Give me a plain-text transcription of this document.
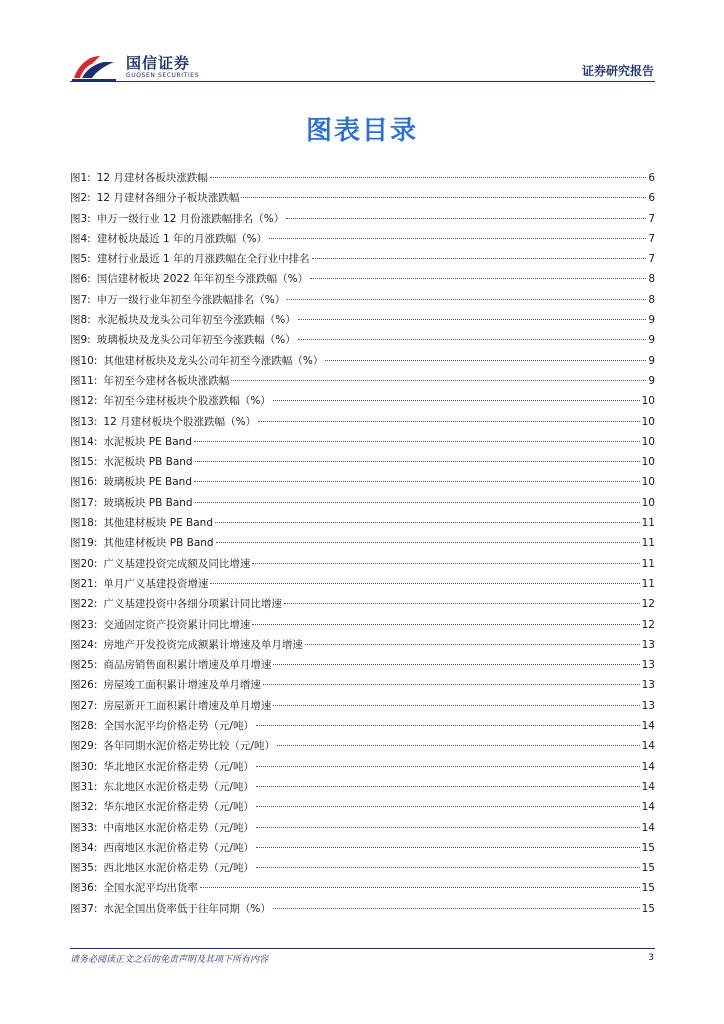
国信证券
GUOSEN SECURITIES	证券研究报告
图表目录
图1: 12 月建材各板块涨跌幅	6
图2: 12 月建材各细分子板块涨跌幅	6
图3: 申万一级行业 12 月份涨跌幅排名（%）	7
图4: 建材板块最近 1 年的月涨跌幅（%）	7
图5: 建材行业最近 1 年的月涨跌幅在全行业中排名	7
图6: 国信建材板块 2022 年年初至今涨跌幅（%）	8
图7: 申万一级行业年初至今涨跌幅排名（%）	8
图8: 水泥板块及龙头公司年初至今涨跌幅（%）	9
图9: 玻璃板块及龙头公司年初至今涨跌幅（%）	9
图10: 其他建材板块及龙头公司年初至今涨跌幅（%）	9
图11: 年初至今建材各板块涨跌幅	9
图12: 年初至今建材板块个股涨跌幅（%）	10
图13: 12 月建材板块个股涨跌幅（%）	10
图14: 水泥板块 PE Band	10
图15: 水泥板块 PB Band	10
图16: 玻璃板块 PE Band	10
图17: 玻璃板块 PB Band	10
图18: 其他建材板块 PE Band	11
图19: 其他建材板块 PB Band	11
图20: 广义基建投资完成额及同比增速	11
图21: 单月广义基建投资增速	11
图22: 广义基建投资中各细分项累计同比增速	12
图23: 交通固定资产投资累计同比增速	12
图24: 房地产开发投资完成额累计增速及单月增速	13
图25: 商品房销售面积累计增速及单月增速	13
图26: 房屋竣工面积累计增速及单月增速	13
图27: 房屋新开工面积累计增速及单月增速	13
图28: 全国水泥平均价格走势（元/吨）	14
图29: 各年同期水泥价格走势比较（元/吨）	14
图30: 华北地区水泥价格走势（元/吨）	14
图31: 东北地区水泥价格走势（元/吨）	14
图32: 华东地区水泥价格走势（元/吨）	14
图33: 中南地区水泥价格走势（元/吨）	14
图34: 西南地区水泥价格走势（元/吨）	15
图35: 西北地区水泥价格走势（元/吨）	15
图36: 全国水泥平均出货率	15
图37: 水泥全国出货率低于往年同期（%）	15
请务必阅读正文之后的免责声明及其项下所有内容	3
